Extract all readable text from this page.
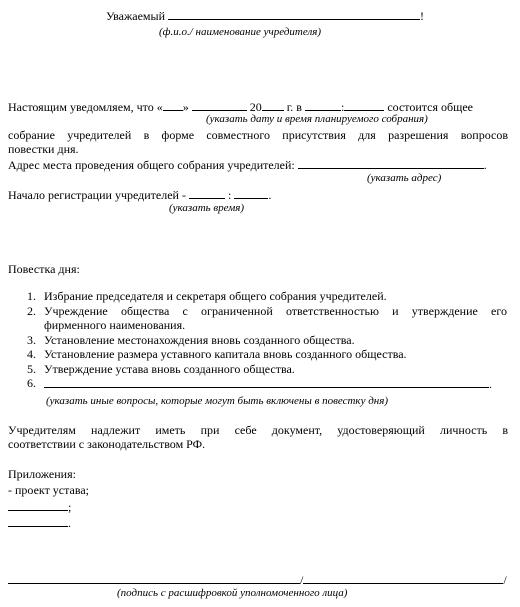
Уважаемый	!
(ф.и.о./ наименование учредителя)
Настоящим уведомляем, что « »	20 г. в	:	состоится общее
(указать дату и время планируемого собрания)
собрание учредителей в форме совместного присутствия для разрешения вопросов
повестки дня.
Адрес места проведения общего собрания учредителей:	.
(указать адрес)
Начало регистрации учредителей -	:	.
(указать время)
Повестка дня:
1. Избрание председателя и секретаря общего собрания учредителей.
2. Учреждение общества с ограниченной ответственностью и утверждение его
фирменного наименования.
3. Установление местонахождения вновь созданного общества.
4. Установление размера уставного капитала вновь созданного общества.
5. Утверждение устава вновь созданного общества.
6.	.
(указать иные вопросы, которые могут быть включены в повестку дня)
Учредителям надлежит иметь при себе документ, удостоверяющий личность в
соответствии с законодательством РФ.
Приложения:
- проект устава;
;
.
/	/
(подпись с расшифровкой уполномоченного лица)
